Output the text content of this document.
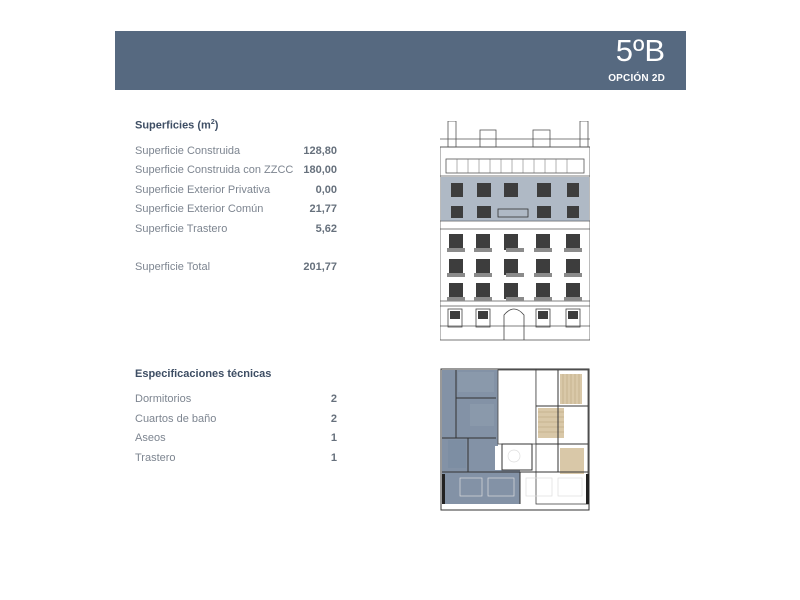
5ºB
OPCIÓN 2D
Superficies $(m^2)$
Superficie Construida	128,80
Superficie Construida con ZZCC 180,00
Superficie Exterior Privativa	0,00
Superficie Exterior Común	21,77
Superficie Trastero	5,62
Superficie Total	201,77
Especificaciones técnicas
Dormitorios	2
Cuartos de baño	2
Aseos	1
Trastero	1
